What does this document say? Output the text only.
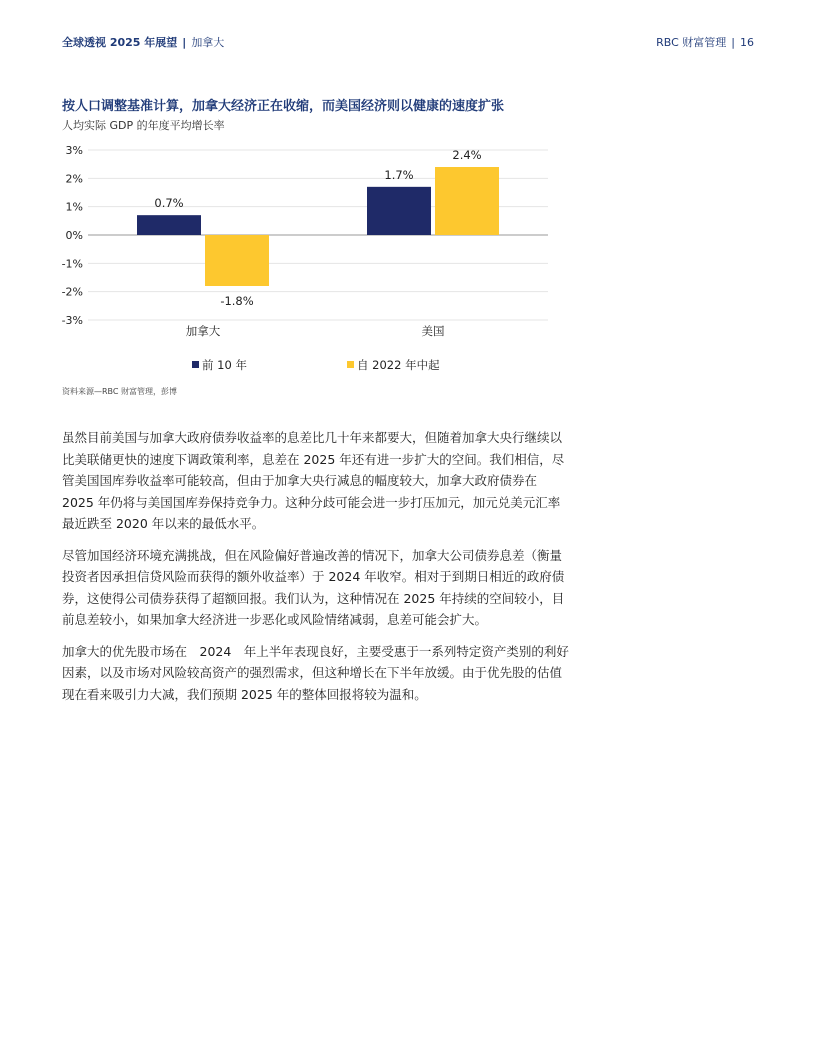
全球透视 2025 年展望 | 加拿大	RBC 财富管理 | 16
按人口调整基准计算，加拿大经济正在收缩，而美国经济则以健康的速度扩张
人均实际 GDP 的年度平均增长率
3%
2%
1%
0%
-1%
-2%
-3%
加拿大
0.7%
-1.8%
美国
1.7%
2.4%
前 10 年	自 2022 年中起
资料来源—RBC 财富管理，彭博

虽然目前美国与加拿大政府债券收益率的息差比几十年来都要大，但随着加拿大央行继续以比美联储更快的速度下调政策利率，息差在 2025 年还有进一步扩大的空间。我们相信，尽管美国国库券收益率可能较高，但由于加拿大央行减息的幅度较大，加拿大政府债券在 2025 年仍将与美国国库券保持竞争力。这种分歧可能会进一步打压加元，加元兑美元汇率最近跌至 2020 年以来的最低水平。

尽管加国经济环境充满挑战，但在风险偏好普遍改善的情况下，加拿大公司债券息差（衡量投资者因承担信贷风险而获得的额外收益率）于 2024 年收窄。相对于到期日相近的政府债券，这使得公司债券获得了超额回报。我们认为，这种情况在 2025 年持续的空间较小，目前息差较小，如果加拿大经济进一步恶化或风险情绪减弱，息差可能会扩大。

加拿大的优先股市场在　2024　年上半年表现良好，主要受惠于一系列特定资产类别的利好因素，以及市场对风险较高资产的强烈需求，但这种增长在下半年放缓。由于优先股的估值现在看来吸引力大减，我们预期 2025 年的整体回报将较为温和。
